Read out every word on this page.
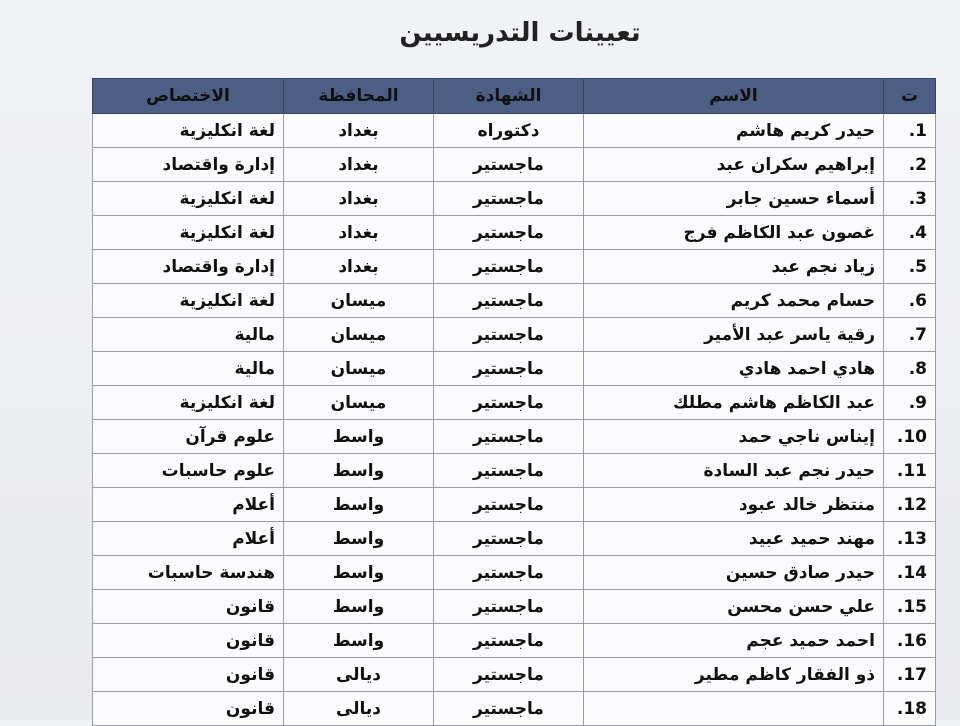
تعيينات التدريسيين
ت	الاسم	الشهادة	المحافظة	الاختصاص
1.	حيدر كريم هاشم	دكتوراه	بغداد	لغة انكليزية
2.	إبراهيم سكران عبد	ماجستير	بغداد	إدارة واقتصاد
3.	أسماء حسين جابر	ماجستير	بغداد	لغة انكليزية
4.	غصون عبد الكاظم فرج	ماجستير	بغداد	لغة انكليزية
5.	زياد نجم عبد	ماجستير	بغداد	إدارة واقتصاد
6.	حسام محمد كريم	ماجستير	ميسان	لغة انكليزية
7.	رقية ياسر عبد الأمير	ماجستير	ميسان	مالية
8.	هادي احمد هادي	ماجستير	ميسان	مالية
9.	عبد الكاظم هاشم مطلك	ماجستير	ميسان	لغة انكليزية
10.	إيناس ناجي حمد	ماجستير	واسط	علوم قرآن
11.	حيدر نجم عبد السادة	ماجستير	واسط	علوم حاسبات
12.	منتظر خالد عبود	ماجستير	واسط	أعلام
13.	مهند حميد عبيد	ماجستير	واسط	أعلام
14.	حيدر صادق حسين	ماجستير	واسط	هندسة حاسبات
15.	علي حسن محسن	ماجستير	واسط	قانون
16.	احمد حميد عجم	ماجستير	واسط	قانون
17.	ذو الفقار كاظم مطير	ماجستير	ديالى	قانون
18.		ماجستير	ديالى	قانون
